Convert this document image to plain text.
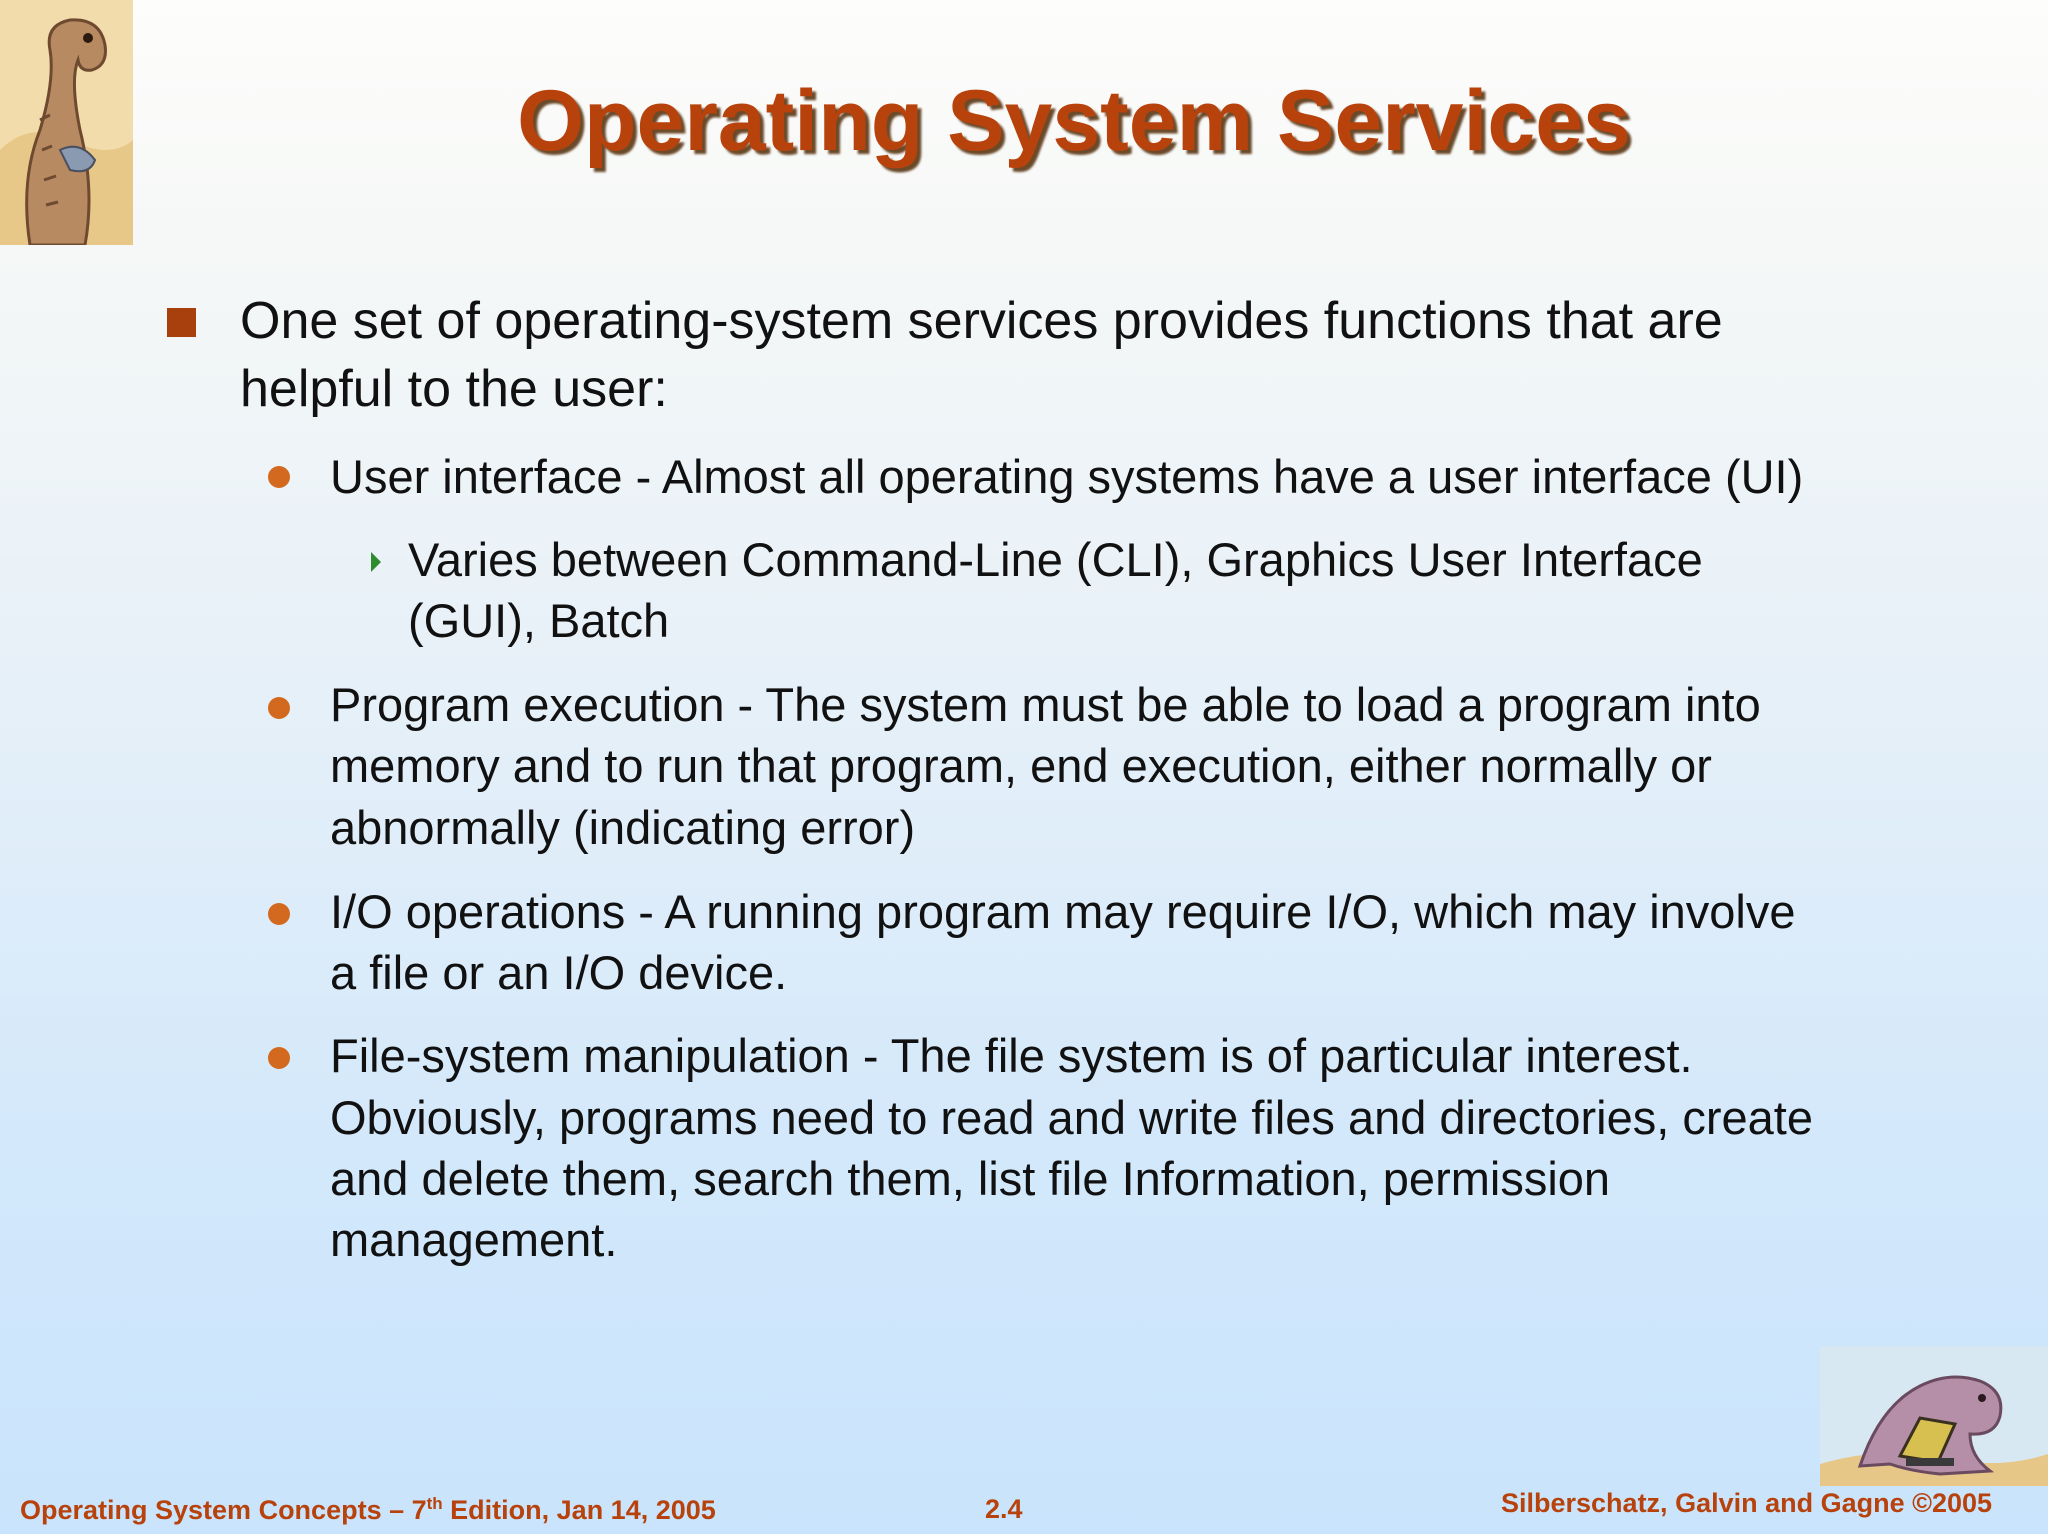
Operating System Services
One set of operating-system services provides functions that are
helpful to the user:
User interface - Almost all operating systems have a user interface (UI)
Varies between Command-Line (CLI), Graphics User Interface
(GUI), Batch
Program execution - The system must be able to load a program into
memory and to run that program, end execution, either normally or
abnormally (indicating error)
I/O operations - A running program may require I/O, which may involve
a file or an I/O device.
File-system manipulation - The file system is of particular interest.
Obviously, programs need to read and write files and directories, create
and delete them, search them, list file Information, permission
management.
Operating System Concepts – 7th Edition, Jan 14, 2005	2.4	Silberschatz, Galvin and Gagne ©2005
